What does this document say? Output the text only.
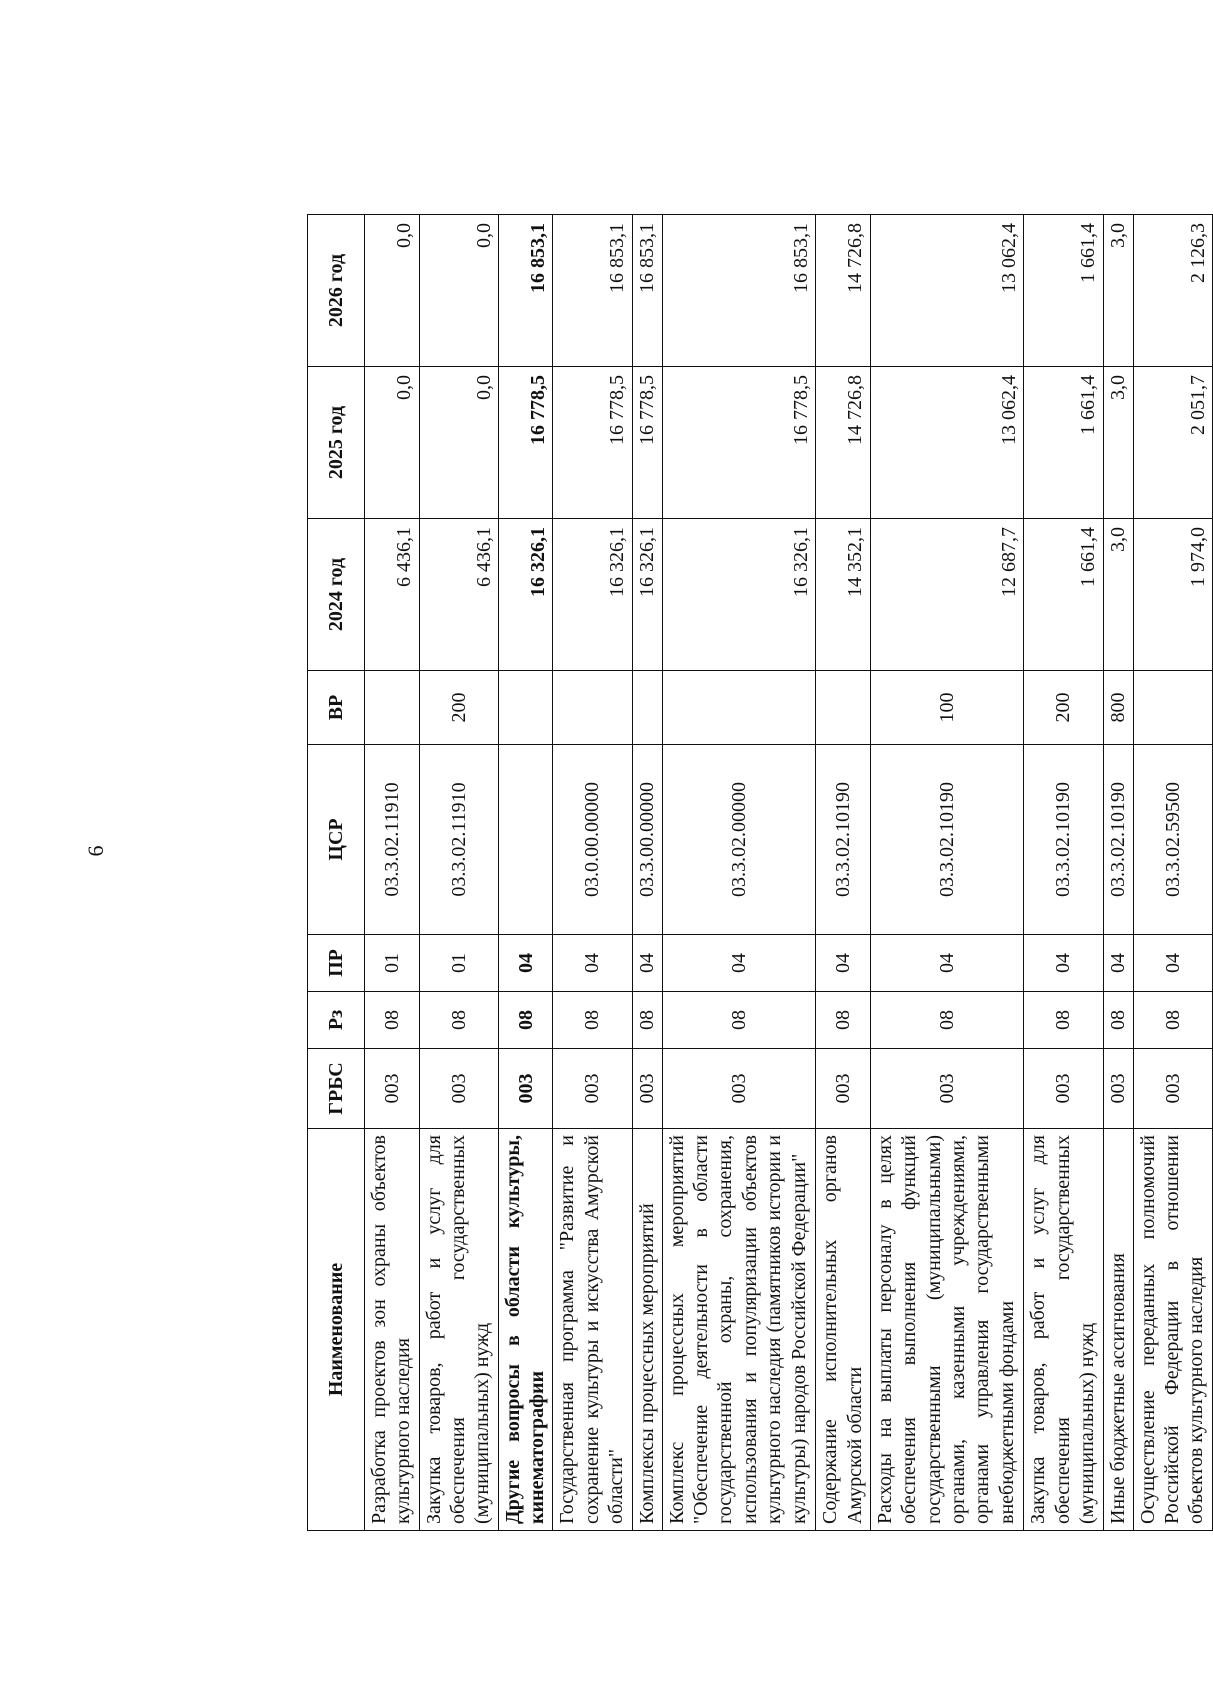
6
Наименование	ГРБС	Рз	ПР	ЦСР	ВР	2024 год	2025 год	2026 год
Разработка проектов зон охраны объектов культурного наследия	003	08	01	03.3.02.11910		6 436,1	0,0	0,0
Закупка товаров, работ и услуг для обеспечения государственных (муниципальных) нужд	003	08	01	03.3.02.11910	200	6 436,1	0,0	0,0
Другие вопросы в области культуры, кинематографии	003	08	04			16 326,1	16 778,5	16 853,1
Государственная программа "Развитие и сохранение культуры и искусства Амурской области"	003	08	04	03.0.00.00000		16 326,1	16 778,5	16 853,1
Комплексы процессных мероприятий	003	08	04	03.3.00.00000		16 326,1	16 778,5	16 853,1
Комплекс процессных мероприятий "Обеспечение деятельности в области государственной охраны, сохранения, использования и популяризации объектов культурного наследия (памятников истории и культуры) народов Российской Федерации"	003	08	04	03.3.02.00000		16 326,1	16 778,5	16 853,1
Содержание исполнительных органов Амурской области	003	08	04	03.3.02.10190		14 352,1	14 726,8	14 726,8
Расходы на выплаты персоналу в целях обеспечения выполнения функций государственными (муниципальными) органами, казенными учреждениями, органами управления государственными внебюджетными фондами	003	08	04	03.3.02.10190	100	12 687,7	13 062,4	13 062,4
Закупка товаров, работ и услуг для обеспечения государственных (муниципальных) нужд	003	08	04	03.3.02.10190	200	1 661,4	1 661,4	1 661,4
Иные бюджетные ассигнования	003	08	04	03.3.02.10190	800	3,0	3,0	3,0
Осуществление переданных полномочий Российской Федерации в отношении объектов культурного наследия	003	08	04	03.3.02.59500		1 974,0	2 051,7	2 126,3
